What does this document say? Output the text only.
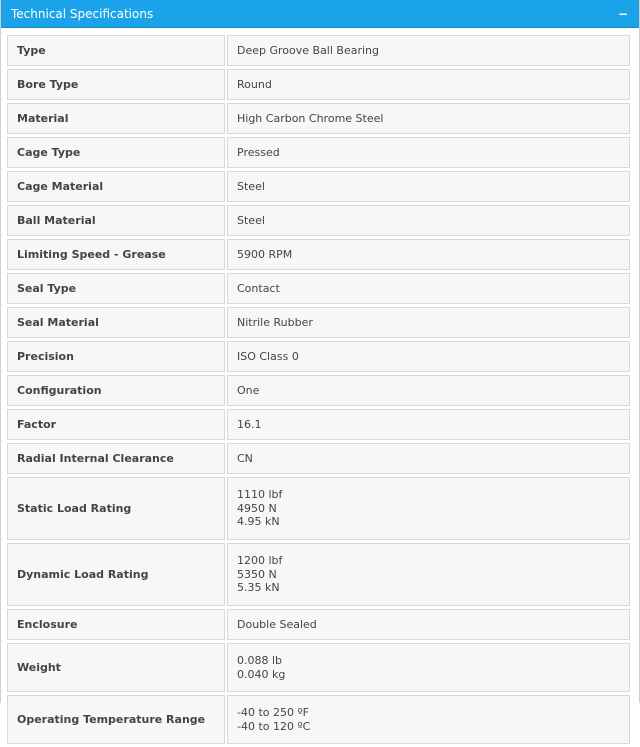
Technical Specifications	−
Type	Deep Groove Ball Bearing

Bore Type	Round

Material	High Carbon Chrome Steel

Cage Type	Pressed

Cage Material	Steel

Ball Material	Steel

Limiting Speed - Grease	5900 RPM

Seal Type	Contact

Seal Material	Nitrile Rubber

Precision	ISO Class 0

Configuration	One

Factor	16.1

Radial Internal Clearance	CN

Static Load Rating	1110 lbf
4950 N
4.95 kN

Dynamic Load Rating	1200 lbf
5350 N
5.35 kN

Enclosure	Double Sealed

Weight	0.088 lb
0.040 kg

Operating Temperature Range	-40 to 250 ºF
-40 to 120 ºC
